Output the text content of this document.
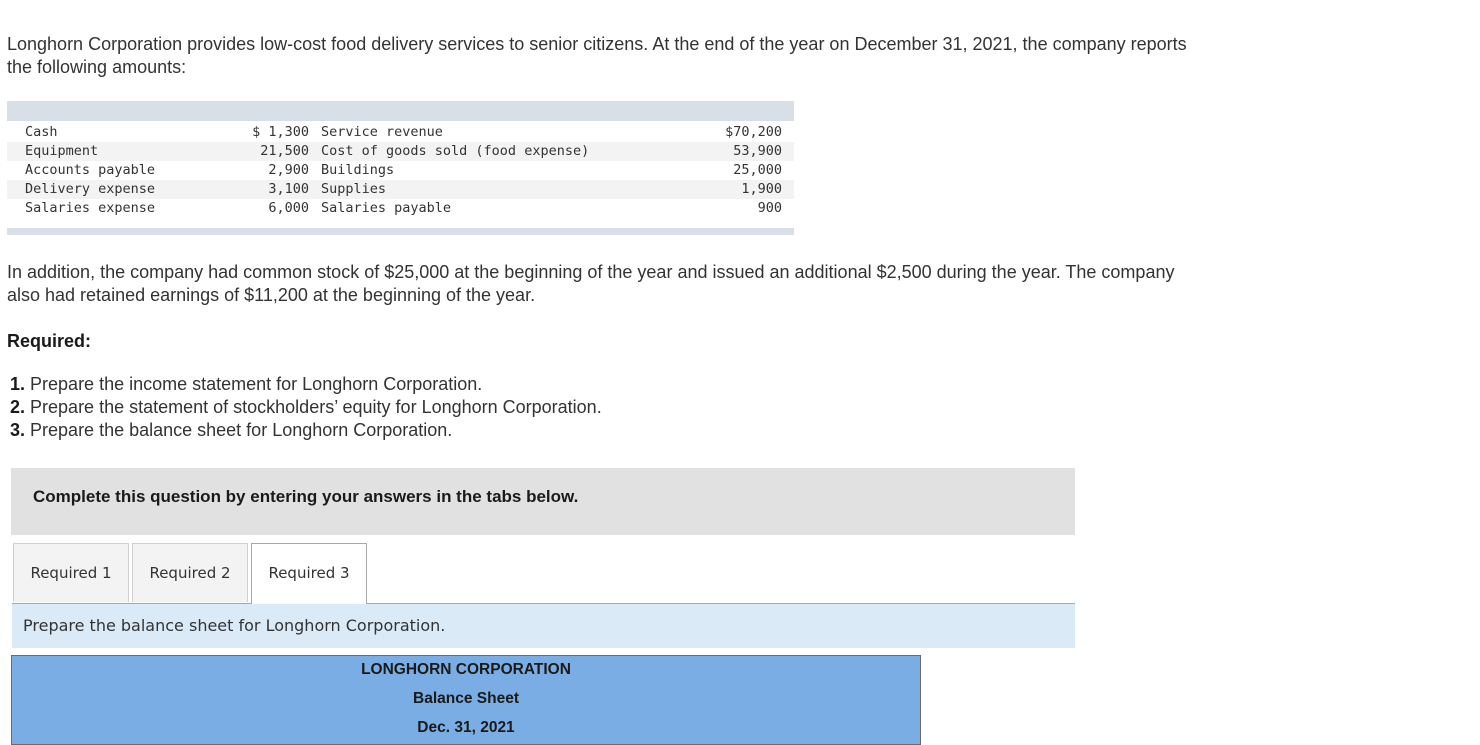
Longhorn Corporation provides low-cost food delivery services to senior citizens. At the end of the year on December 31, 2021, the company reports the following amounts:

Cash	$ 1,300	Service revenue	$70,200
Equipment	21,500	Cost of goods sold (food expense)	53,900
Accounts payable	2,900	Buildings	25,000
Delivery expense	3,100	Supplies	1,900
Salaries expense	6,000	Salaries payable	900

In addition, the company had common stock of $25,000 at the beginning of the year and issued an additional $2,500 during the year. The company also had retained earnings of $11,200 at the beginning of the year.

Required:

1. Prepare the income statement for Longhorn Corporation.
2. Prepare the statement of stockholders’ equity for Longhorn Corporation.
3. Prepare the balance sheet for Longhorn Corporation.
Complete this question by entering your answers in the tabs below.
Required 1	Required 2	Required 3
Prepare the balance sheet for Longhorn Corporation.
LONGHORN CORPORATION
Balance Sheet
Dec. 31, 2021
